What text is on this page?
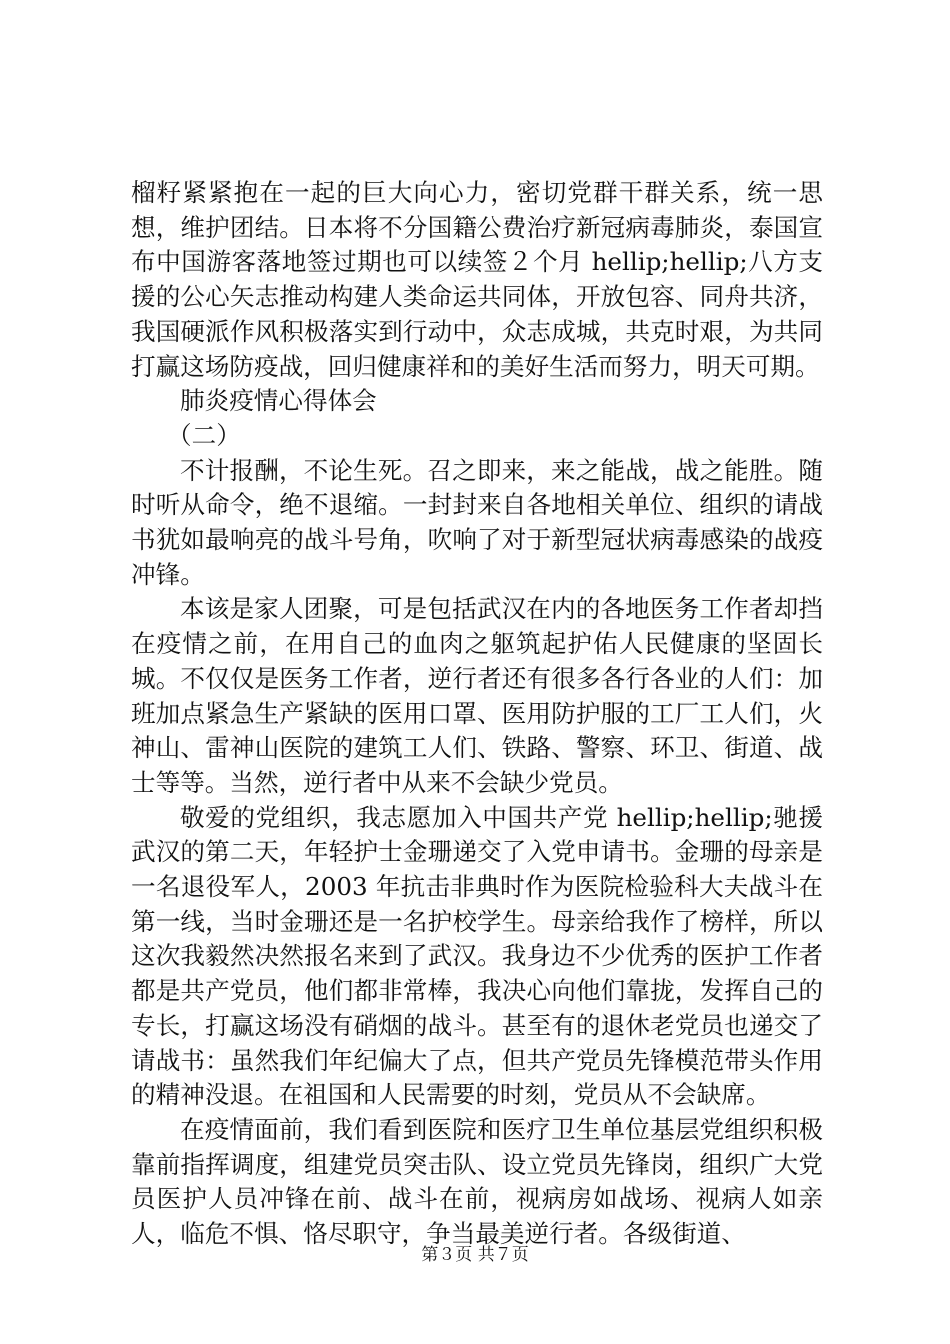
榴籽紧紧抱在一起的巨大向心力，密切党群干群关系，统一思想，维护团结。日本将不分国籍公费治疗新冠病毒肺炎，泰国宣布中国游客落地签过期也可以续签２个月 hellip;hellip;八方支援的公心矢志推动构建人类命运共同体，开放包容、同舟共济，我国硬派作风积极落实到行动中，众志成城，共克时艰，为共同打赢这场防疫战，回归健康祥和的美好生活而努力，明天可期。

肺炎疫情心得体会

（二）

不计报酬，不论生死。召之即来，来之能战，战之能胜。随时听从命令，绝不退缩。一封封来自各地相关单位、组织的请战书犹如最响亮的战斗号角，吹响了对于新型冠状病毒感染的战疫冲锋。

本该是家人团聚，可是包括武汉在内的各地医务工作者却挡在疫情之前，在用自己的血肉之躯筑起护佑人民健康的坚固长城。不仅仅是医务工作者，逆行者还有很多各行各业的人们：加班加点紧急生产紧缺的医用口罩、医用防护服的工厂工人们，火神山、雷神山医院的建筑工人们、铁路、警察、环卫、街道、战士等等。当然，逆行者中从来不会缺少党员。

敬爱的党组织，我志愿加入中国共产党 hellip;hellip;驰援武汉的第二天，年轻护士金珊递交了入党申请书。金珊的母亲是一名退役军人，2003 年抗击非典时作为医院检验科大夫战斗在第一线，当时金珊还是一名护校学生。母亲给我作了榜样，所以这次我毅然决然报名来到了武汉。我身边不少优秀的医护工作者都是共产党员，他们都非常棒，我决心向他们靠拢，发挥自己的专长，打赢这场没有硝烟的战斗。甚至有的退休老党员也递交了请战书：虽然我们年纪偏大了点，但共产党员先锋模范带头作用的精神没退。在祖国和人民需要的时刻，党员从不会缺席。

在疫情面前，我们看到医院和医疗卫生单位基层党组织积极靠前指挥调度，组建党员突击队、设立党员先锋岗，组织广大党员医护人员冲锋在前、战斗在前，视病房如战场、视病人如亲人，临危不惧、恪尽职守，争当最美逆行者。各级街道、

第３页 共７页
